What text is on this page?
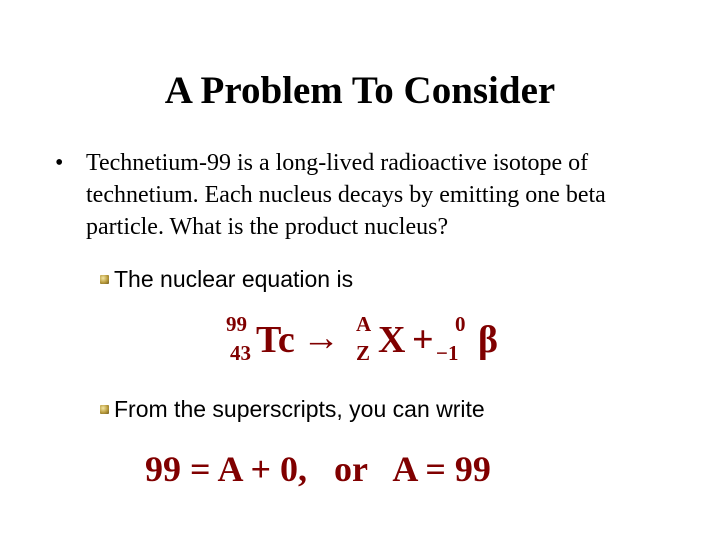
A Problem To Consider
• Technetium-99 is a long-lived radioactive isotope of technetium. Each nucleus decays by emitting one beta particle. What is the product nucleus?
The nuclear equation is
99
43 Tc → A
Z X + 0
−1 β
From the superscripts, you can write
99 = A + 0,   or   A = 99
